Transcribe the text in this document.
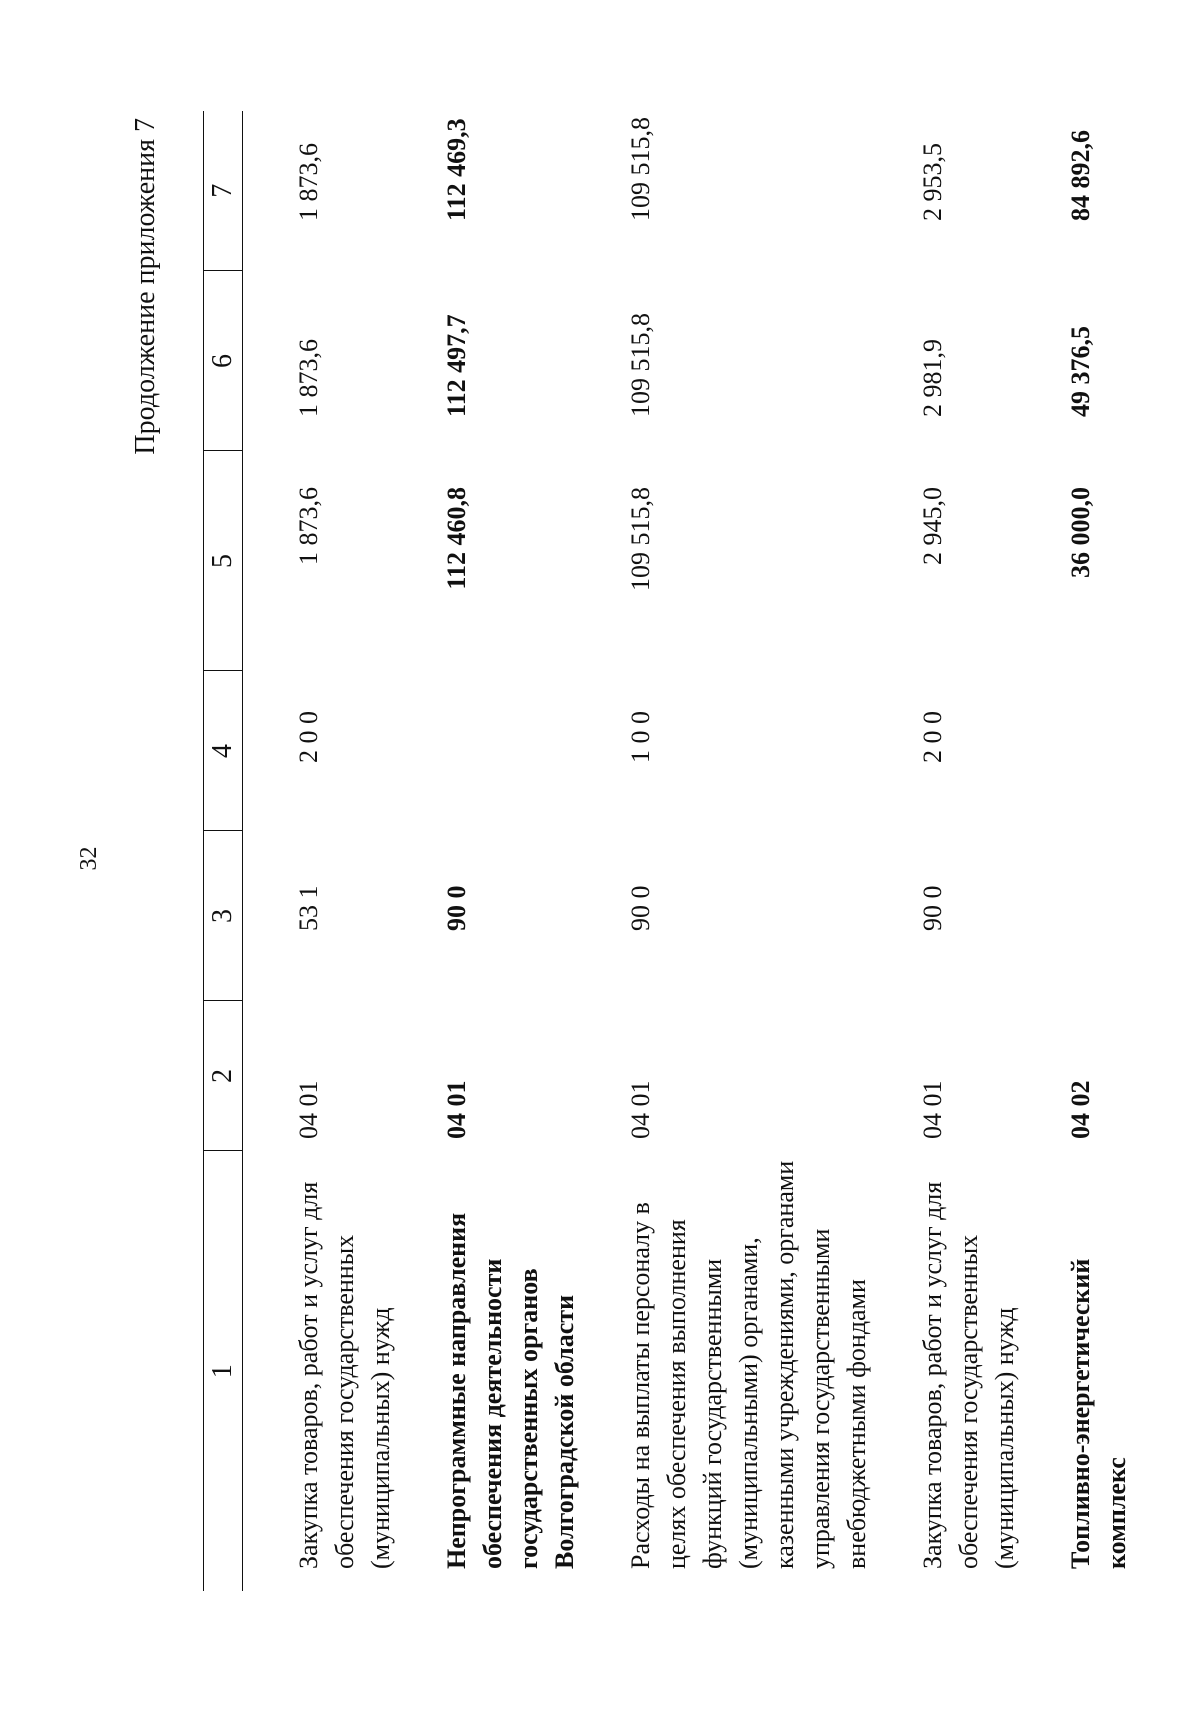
32
Продолжение приложения 7
1	2	3	4	5	6	7
Закупка товаров, работ и услуг для обеспечения государственных (муниципальных) нужд	04 01	53 1	2 0 0	1 873,6	1 873,6	1 873,6

Непрограммные направления обеспечения деятельности государственных органов Волгоградской области	04 01	90 0		112 460,8	112 497,7	112 469,3

Расходы на выплаты персоналу в целях обеспечения выполнения функций государственными (муниципальными) органами, казенными учреждениями, органами управления государственными внебюджетными фондами	04 01	90 0	1 0 0	109 515,8	109 515,8	109 515,8

Закупка товаров, работ и услуг для обеспечения государственных (муниципальных) нужд	04 01	90 0	2 0 0	2 945,0	2 981,9	2 953,5

Топливно-энергетический комплекс	04 02			36 000,0	49 376,5	84 892,6
